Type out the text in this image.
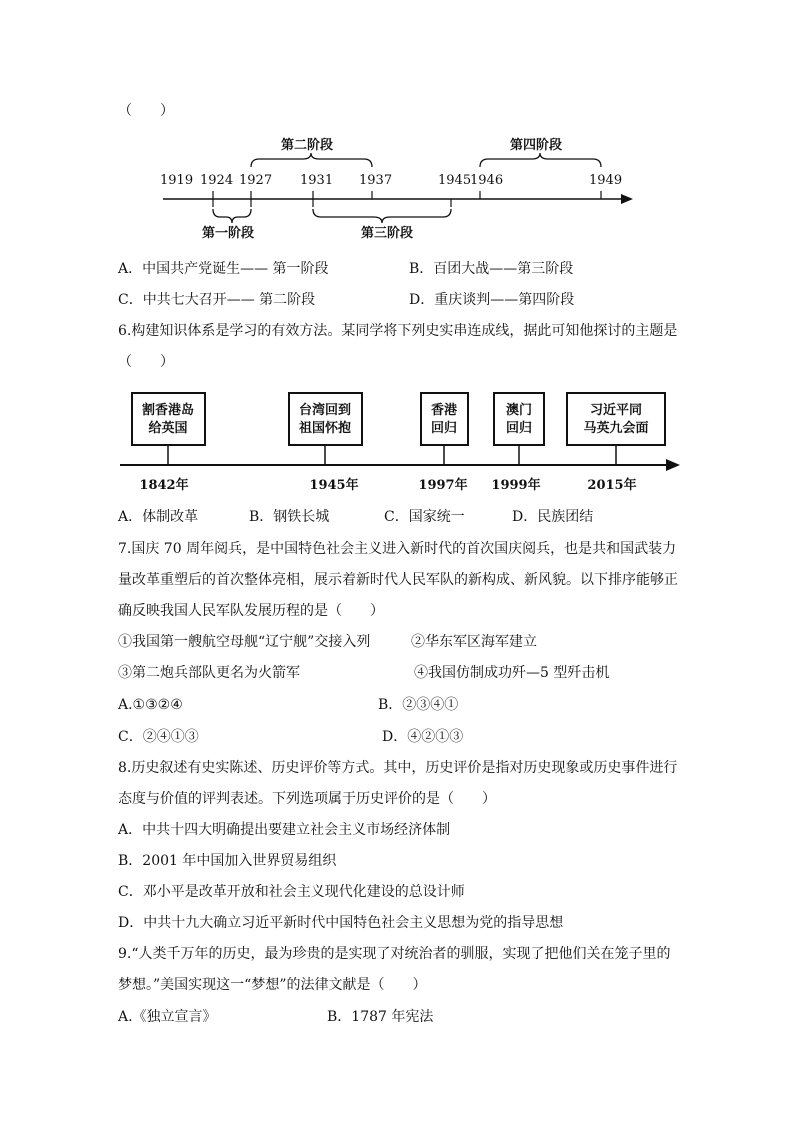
（　　）
1919 1924 1927 1931 1937	1945
1946	1949
第二阶段	第四阶段
第一阶段	第三阶段
A．中国共产党诞生—— 第一阶段	B．百团大战——第三阶段
C．中共七大召开—— 第二阶段	D．重庆谈判——第四阶段
6.构建知识体系是学习的有效方法。某同学将下列史实串连成线，据此可知他探讨的主题是
（　　）
割香港岛
给英国
台湾回到
祖国怀抱
香港
回归
澳门
回归
习近平同
马英九会面
1842年	1945年	1997年 1999年	2015年
A．体制改革	B．钢铁长城	C．国家统一	D．民族团结
7.国庆 70 周年阅兵，是中国特色社会主义进入新时代的首次国庆阅兵，也是共和国武装力
量改革重塑后的首次整体亮相，展示着新时代人民军队的新构成、新风貌。以下排序能够正
确反映我国人民军队发展历程的是（　　）
①我国第一艘航空母舰“辽宁舰”交接入列	②华东军区海军建立
③第二炮兵部队更名为火箭军	④我国仿制成功歼—5 型歼击机
A.①③②④	B．②③④①
C．②④①③	D．④②①③
8.历史叙述有史实陈述、历史评价等方式。其中，历史评价是指对历史现象或历史事件进行
态度与价值的评判表述。下列选项属于历史评价的是（　　）
A．中共十四大明确提出要建立社会主义市场经济体制
B．2001 年中国加入世界贸易组织
C．邓小平是改革开放和社会主义现代化建设的总设计师
D．中共十九大确立习近平新时代中国特色社会主义思想为党的指导思想
9.“人类千万年的历史，最为珍贵的是实现了对统治者的驯服，实现了把他们关在笼子里的
梦想。”美国实现这一“梦想”的法律文献是（　　）
A.《独立宣言》	B．1787 年宪法
